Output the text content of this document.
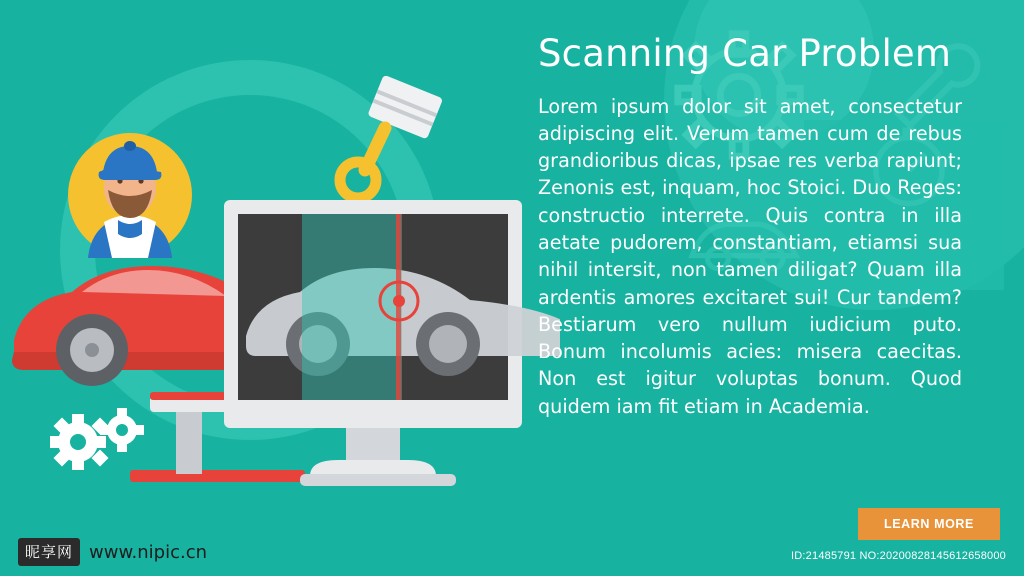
Scanning Car Problem

Lorem ipsum dolor sit amet, consectetur adipiscing elit. Verum tamen cum de rebus grandioribus dicas, ipsae res verba rapiunt; Zenonis est, inquam, hoc Stoici. Duo Reges: constructio interrete. Quis contra in illa aetate pudorem, constantiam, etiamsi sua nihil intersit, non tamen diligat? Quam illa ardentis amores excitaret sui! Cur tandem? Bestiarum vero nullum iudicium puto. Bonum incolumis acies: misera caecitas. Non est igitur voluptas bonum. Quod quidem iam fit etiam in Academia.

昵享网 www.nipic.cn
LEARN MORE
ID:21485791 NO:20200828145612658000
